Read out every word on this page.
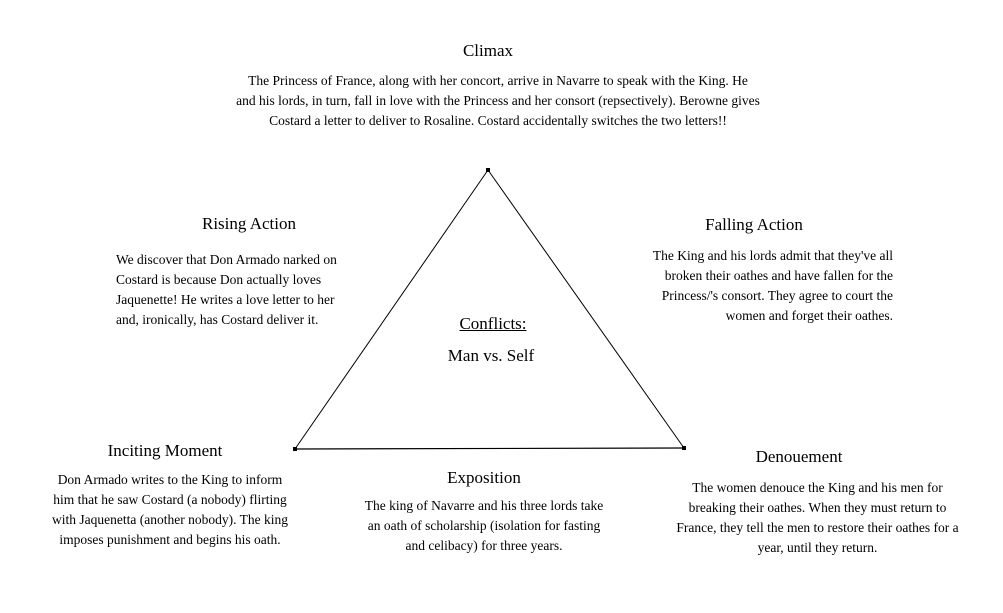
Climax
The Princess of France, along with her concort, arrive in Navarre to speak with the King. He
and his lords, in turn, fall in love with the Princess and her consort (repsectively). Berowne gives
Costard a letter to deliver to Rosaline. Costard accidentally switches the two letters!!
Rising Action
We discover that Don Armado narked on
Costard is because Don actually loves
Jaquenette! He writes a love letter to her
and, ironically, has Costard deliver it.
Falling Action
The King and his lords admit that they've all
broken their oathes and have fallen for the
Princess/'s consort. They agree to court the
women and forget their oathes.
Conflicts:
Man vs. Self
Inciting Moment
Don Armado writes to the King to inform
him that he saw Costard (a nobody) flirting
with Jaquenetta (another nobody). The king
imposes punishment and begins his oath.
Exposition
The king of Navarre and his three lords take
an oath of scholarship (isolation for fasting
and celibacy) for three years.
Denouement
The women denouce the King and his men for
breaking their oathes. When they must return to
France, they tell the men to restore their oathes for a
year, until they return.
